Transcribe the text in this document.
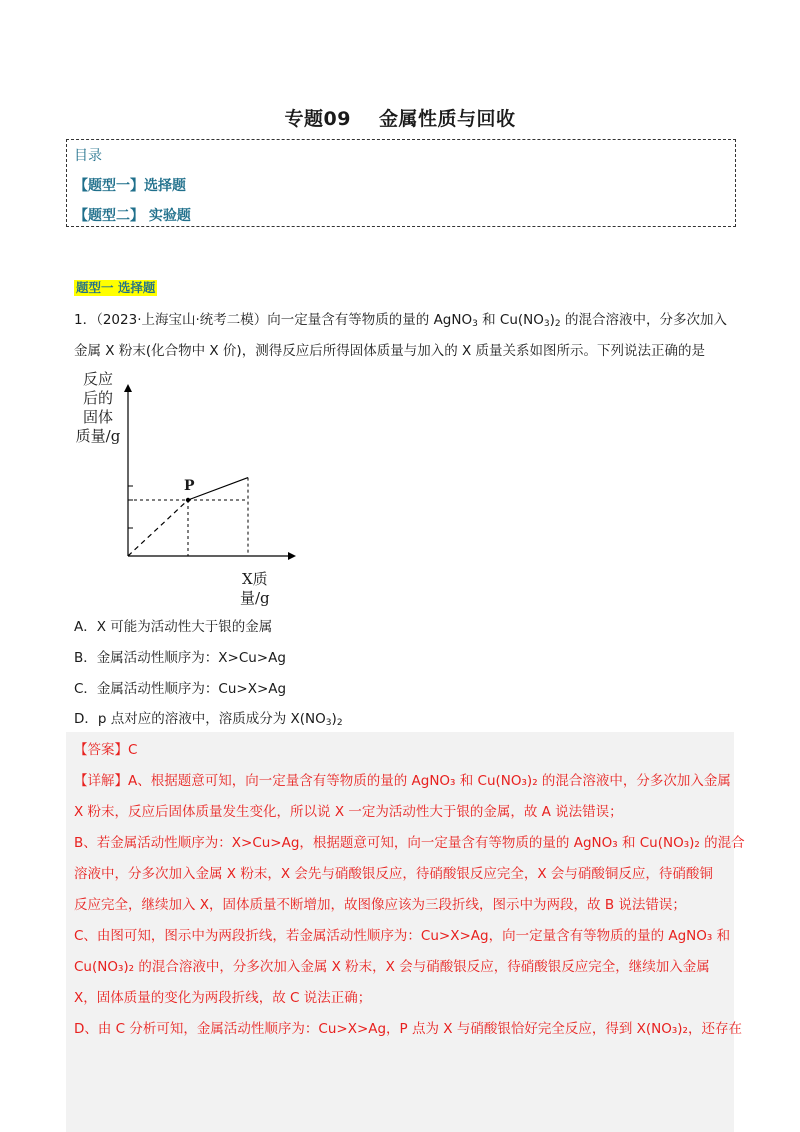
专题09 金属性质与回收
目录
【题型一】选择题
【题型二】 实验题
题型一 选择题
1．（2023·上海宝山·统考二模）向一定量含有等物质的量的 AgNO$_3$ 和 $Cu(NO_3)_2$ 的混合溶液中，分多次加入
金属 X 粉末(化合物中 X 价)，测得反应后所得固体质量与加入的 X 质量关系如图所示。下列说法正确的是
反应
后的
固体
质量/g
X质量/g
P
A．X 可能为活动性大于银的金属
B．金属活动性顺序为：X>Cu>Ag
C．金属活动性顺序为：Cu>X>Ag
D．p 点对应的溶液中，溶质成分为 $X(NO_3)_2$
【答案】C
【详解】A、根据题意可知，向一定量含有等物质的量的 AgNO₃ 和 Cu(NO₃)₂ 的混合溶液中，分多次加入金属
X 粉末，反应后固体质量发生变化，所以说 X 一定为活动性大于银的金属，故 A 说法错误；
B、若金属活动性顺序为：X>Cu>Ag，根据题意可知，向一定量含有等物质的量的 AgNO₃ 和 Cu(NO₃)₂ 的混合
溶液中，分多次加入金属 X 粉末，X 会先与硝酸银反应，待硝酸银反应完全，X 会与硝酸铜反应，待硝酸铜
反应完全，继续加入 X，固体质量不断增加，故图像应该为三段折线，图示中为两段，故 B 说法错误；
C、由图可知，图示中为两段折线，若金属活动性顺序为：Cu>X>Ag，向一定量含有等物质的量的 AgNO₃ 和
Cu(NO₃)₂ 的混合溶液中，分多次加入金属 X 粉末，X 会与硝酸银反应，待硝酸银反应完全，继续加入金属
X，固体质量的变化为两段折线，故 C 说法正确；
D、由 C 分析可知，金属活动性顺序为：Cu>X>Ag，P 点为 X 与硝酸银恰好完全反应，得到 X(NO₃)₂，还存在
